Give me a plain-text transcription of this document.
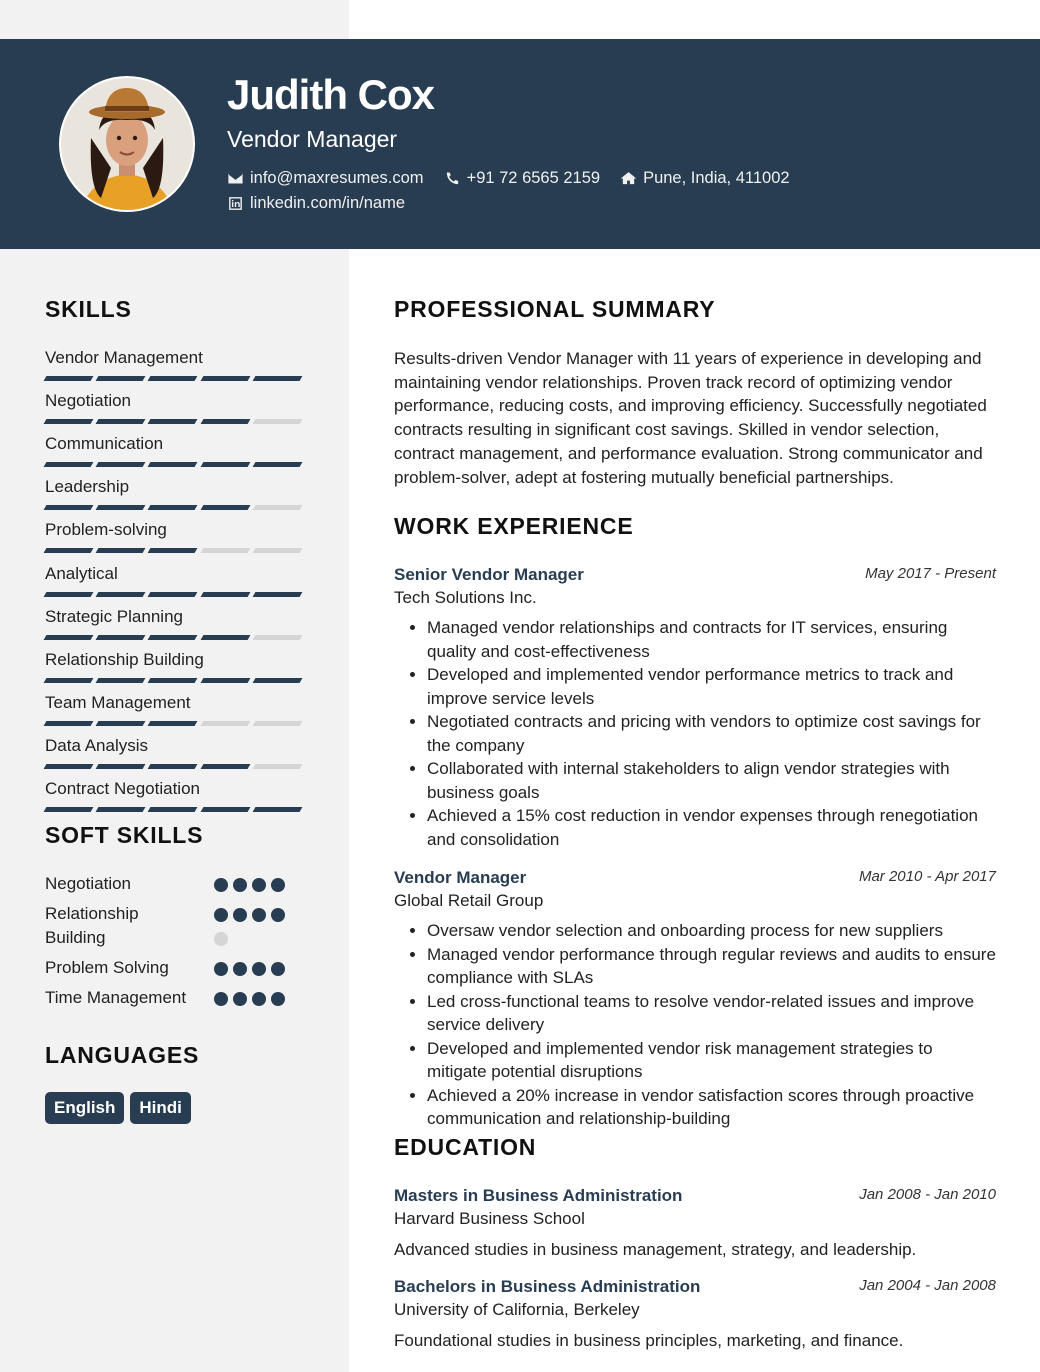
Judith Cox
Vendor Manager
info@maxresumes.com	+91 72 6565 2159	Pune, India, 411002
linkedin.com/in/name
SKILLS
Vendor Management
Negotiation
Communication
Leadership
Problem-solving
Analytical
Strategic Planning
Relationship Building
Team Management
Data Analysis
Contract Negotiation
SOFT SKILLS
Negotiation
Relationship Building
Problem Solving
Time Management
LANGUAGES
English	Hindi
PROFESSIONAL SUMMARY
Results-driven Vendor Manager with 11 years of experience in developing and maintaining vendor relationships. Proven track record of optimizing vendor performance, reducing costs, and improving efficiency. Successfully negotiated contracts resulting in significant cost savings. Skilled in vendor selection, contract management, and performance evaluation. Strong communicator and problem-solver, adept at fostering mutually beneficial partnerships.
WORK EXPERIENCE
Senior Vendor Manager	May 2017 - Present
Tech Solutions Inc.
• Managed vendor relationships and contracts for IT services, ensuring quality and cost-effectiveness
• Developed and implemented vendor performance metrics to track and improve service levels
• Negotiated contracts and pricing with vendors to optimize cost savings for the company
• Collaborated with internal stakeholders to align vendor strategies with business goals
• Achieved a 15% cost reduction in vendor expenses through renegotiation and consolidation
Vendor Manager	Mar 2010 - Apr 2017
Global Retail Group
• Oversaw vendor selection and onboarding process for new suppliers
• Managed vendor performance through regular reviews and audits to ensure compliance with SLAs
• Led cross-functional teams to resolve vendor-related issues and improve service delivery
• Developed and implemented vendor risk management strategies to mitigate potential disruptions
• Achieved a 20% increase in vendor satisfaction scores through proactive communication and relationship-building
EDUCATION
Masters in Business Administration	Jan 2008 - Jan 2010
Harvard Business School
Advanced studies in business management, strategy, and leadership.
Bachelors in Business Administration	Jan 2004 - Jan 2008
University of California, Berkeley
Foundational studies in business principles, marketing, and finance.
